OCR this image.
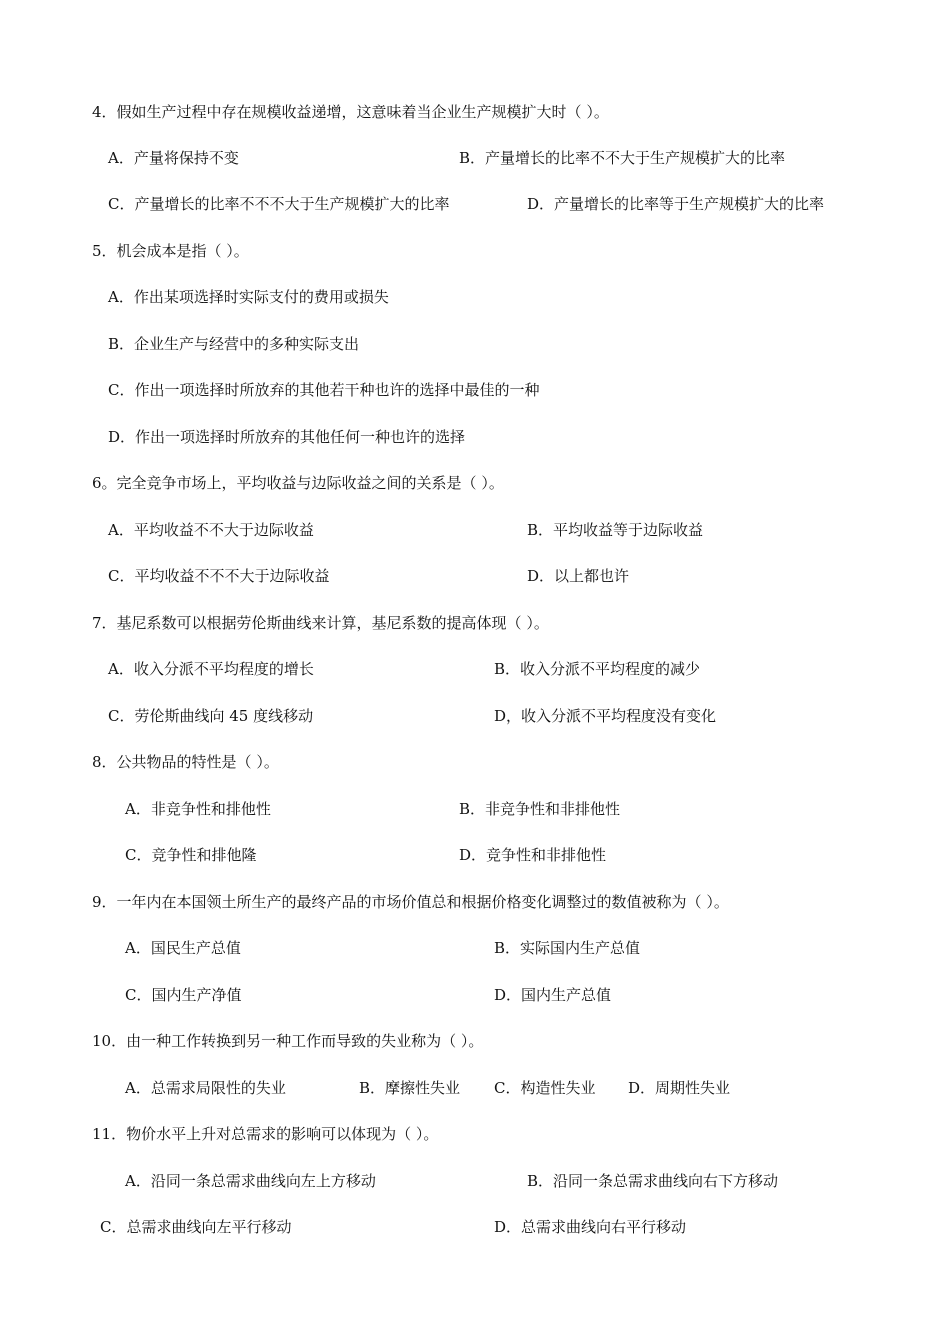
4．假如生产过程中存在规模收益递增，这意味着当企业生产规模扩大时（ ）。
A．产量将保持不变	B．产量增长的比率不不大于生产规模扩大的比率
C．产量增长的比率不不不大于生产规模扩大的比率	D．产量增长的比率等于生产规模扩大的比率
5．机会成本是指（ ）。
A．作出某项选择时实际支付的费用或损失
B．企业生产与经营中的多种实际支出
C．作出一项选择时所放弃的其他若干种也许的选择中最佳的一种
D．作出一项选择时所放弃的其他任何一种也许的选择
6。完全竞争市场上，平均收益与边际收益之间的关系是（ ）。
A．平均收益不不大于边际收益	B．平均收益等于边际收益
C．平均收益不不不大于边际收益	D．以上都也许
7．基尼系数可以根据劳伦斯曲线来计算，基尼系数的提高体现（ ）。
A．收入分派不平均程度的增长	B．收入分派不平均程度的减少
C．劳伦斯曲线向 45 度线移动	D，收入分派不平均程度没有变化
8．公共物品的特性是（ ）。
A．非竞争性和排他性	B．非竞争性和非排他性
C．竞争性和排他隆	D．竞争性和非排他性
9．一年内在本国领土所生产的最终产品的市场价值总和根据价格变化调整过的数值被称为（ ）。
A．国民生产总值	B．实际国内生产总值
C．国内生产净值	D．国内生产总值
10．由一种工作转换到另一种工作而导致的失业称为（ ）。
A．总需求局限性的失业	B．摩擦性失业 C．构造性失业 D．周期性失业
11．物价水平上升对总需求的影响可以体现为（ ）。
A．沿同一条总需求曲线向左上方移动	B．沿同一条总需求曲线向右下方移动
C．总需求曲线向左平行移动	D．总需求曲线向右平行移动
